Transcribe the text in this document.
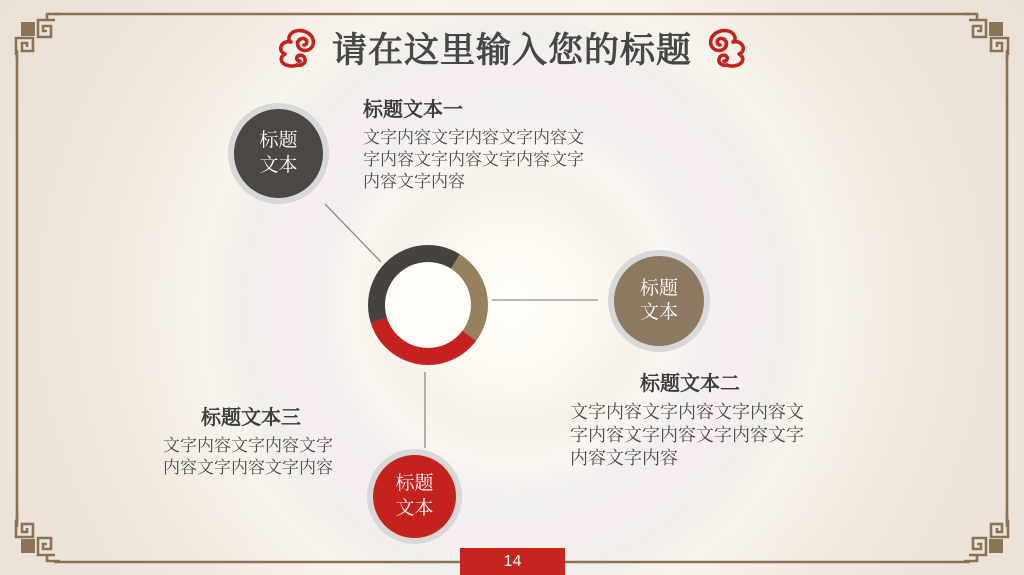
请在这里输入您的标题
标题文本
标题文本
标题文本
标题文本一
文字内容文字内容文字内容文字内容文字内容文字内容文字内容文字内容
标题文本二
文字内容文字内容文字内容文字内容文字内容文字内容文字内容文字内容
标题文本三
文字内容文字内容文字内容文字内容文字内容
14
